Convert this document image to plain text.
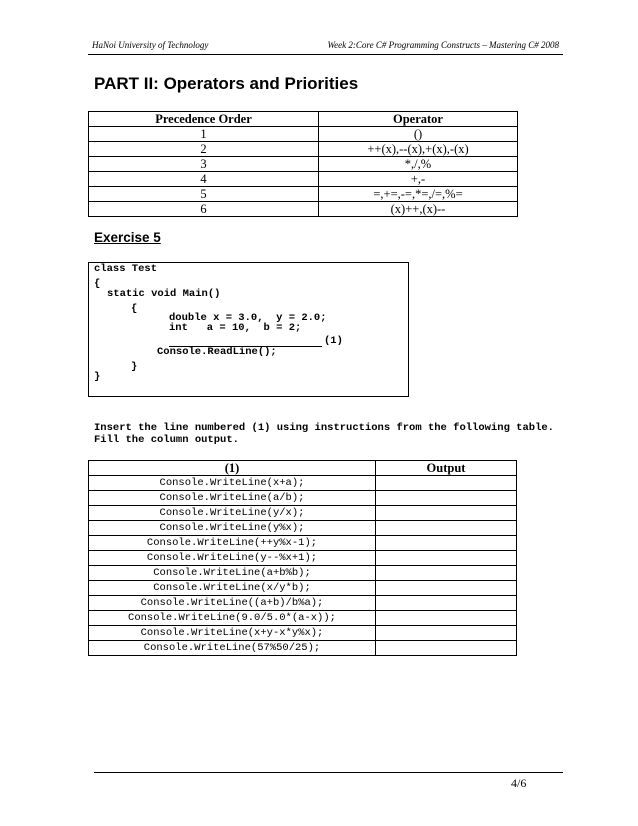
HaNoi University of Technology	Week 2:Core C# Programming Constructs – Mastering C# 2008
PART II: Operators and Priorities
Precedence Order	Operator
1	()
2	++(x),--(x),+(x),-(x)
3	*,/,%
4	+,-
5	=,+=,-=,*=,/=,%=
6	(x)++,(x)--
Exercise 5
class Test
{
static void Main()
{
double x = 3.0,  y = 2.0;
int   a = 10,  b = 2;
(1)
Console.ReadLine();
}
}
Insert the line numbered (1) using instructions from the following table.
Fill the column output.
(1)	Output
Console.WriteLine(x+a);	
Console.WriteLine(a/b);	
Console.WriteLine(y/x);	
Console.WriteLine(y%x);	
Console.WriteLine(++y%x-1);	
Console.WriteLine(y--%x+1);	
Console.WriteLine(a+b%b);	
Console.WriteLine(x/y*b);	
Console.WriteLine((a+b)/b%a);	
Console.WriteLine(9.0/5.0*(a-x));	
Console.WriteLine(x+y-x*y%x);	
Console.WriteLine(57%50/25);	
4/6
